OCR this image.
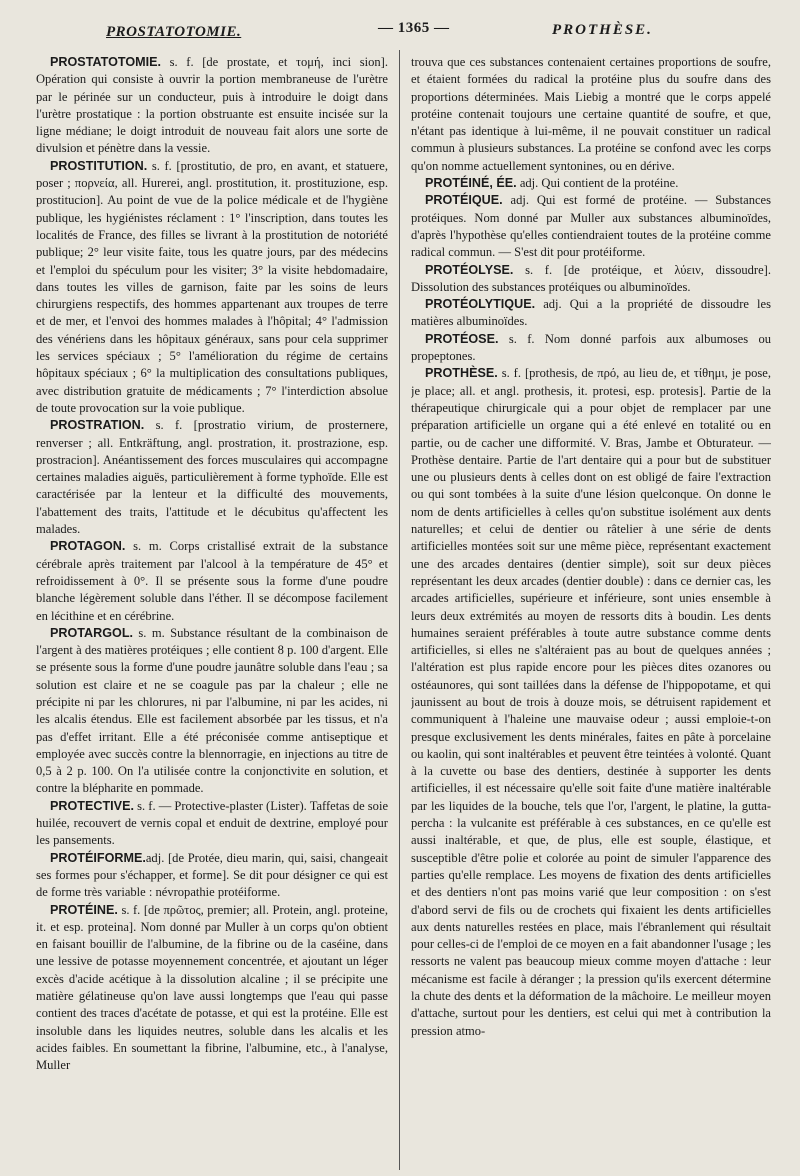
PROSTATOTOMIE.	— 1365 —	PROTHÈSE.

PROSTATOTOMIE. s. f. [de prostate, et τομή, inci sion]. Opération qui consiste à ouvrir la portion membraneuse de l'urètre par le périnée sur un conducteur, puis à introduire le doigt dans l'urètre prostatique : la portion obstruante est ensuite incisée sur la ligne médiane; le doigt introduit de nouveau fait alors une sorte de divulsion et pénètre dans la vessie.

PROSTITUTION. s. f. [prostitutio, de pro, en avant, et statuere, poser ; πορνεία, all. Hurerei, angl. prostitution, it. prostituzione, esp. prostitucion]. Au point de vue de la police médicale et de l'hygiène publique, les hygiénistes réclament : 1° l'inscription, dans toutes les localités de France, des filles se livrant à la prostitution de notoriété publique; 2° leur visite faite, tous les quatre jours, par des médecins et l'emploi du spéculum pour les visiter; 3° la visite hebdomadaire, dans toutes les villes de garnison, faite par les soins de leurs chirurgiens respectifs, des hommes appartenant aux troupes de terre et de mer, et l'envoi des hommes malades à l'hôpital; 4° l'admission des vénériens dans les hôpitaux généraux, sans pour cela supprimer les services spéciaux ; 5° l'amélioration du régime de certains hôpitaux spéciaux ; 6° la multiplication des consultations publiques, avec distribution gratuite de médicaments ; 7° l'interdiction absolue de toute provocation sur la voie publique.

PROSTRATION. s. f. [prostratio virium, de prosternere, renverser ; all. Entkräftung, angl. prostration, it. prostrazione, esp. prostracion]. Anéantissement des forces musculaires qui accompagne certaines maladies aiguës, particulièrement à forme typhoïde. Elle est caractérisée par la lenteur et la difficulté des mouvements, l'abattement des traits, l'attitude et le décubitus qu'affectent les malades.

PROTAGON. s. m. Corps cristallisé extrait de la substance cérébrale après traitement par l'alcool à la température de 45° et refroidissement à 0°. Il se présente sous la forme d'une poudre blanche légèrement soluble dans l'éther. Il se décompose facilement en lécithine et en cérébrine.

PROTARGOL. s. m. Substance résultant de la combinaison de l'argent à des matières protéiques ; elle contient 8 p. 100 d'argent. Elle se présente sous la forme d'une poudre jaunâtre soluble dans l'eau ; sa solution est claire et ne se coagule pas par la chaleur ; elle ne précipite ni par les chlorures, ni par l'albumine, ni par les acides, ni les alcalis étendus. Elle est facilement absorbée par les tissus, et n'a pas d'effet irritant. Elle a été préconisée comme antiseptique et employée avec succès contre la blennorragie, en injections au titre de 0,5 à 2 p. 100. On l'a utilisée contre la conjonctivite en solution, et contre la blépharite en pommade.

PROTECTIVE. s. f. — Protective-plaster (Lister). Taffetas de soie huilée, recouvert de vernis copal et enduit de dextrine, employé pour les pansements.

PROTÉIFORME.adj. [de Protée, dieu marin, qui, saisi, changeait ses formes pour s'échapper, et forme]. Se dit pour désigner ce qui est de forme très variable : névropathie protéiforme.

PROTÉINE. s. f. [de πρῶτος, premier; all. Protein, angl. proteine, it. et esp. proteina]. Nom donné par Muller à un corps qu'on obtient en faisant bouillir de l'albumine, de la fibrine ou de la caséine, dans une lessive de potasse moyennement concentrée, et ajoutant un léger excès d'acide acétique à la dissolution alcaline ; il se précipite une matière gélatineuse qu'on lave aussi longtemps que l'eau qui passe contient des traces d'acétate de potasse, et qui est la protéine. Elle est insoluble dans les liquides neutres, soluble dans les alcalis et les acides faibles. En soumettant la fibrine, l'albumine, etc., à l'analyse, Muller

trouva que ces substances contenaient certaines proportions de soufre, et étaient formées du radical la protéine plus du soufre dans des proportions déterminées. Mais Liebig a montré que le corps appelé protéine contenait toujours une certaine quantité de soufre, et que, n'étant pas identique à lui-même, il ne pouvait constituer un radical commun à plusieurs substances. La protéine se confond avec les corps qu'on nomme actuellement syntonines, ou en dérive.

PROTÉINÉ, ÉE. adj. Qui contient de la protéine.

PROTÉIQUE. adj. Qui est formé de protéine. — Substances protéiques. Nom donné par Muller aux substances albuminoïdes, d'après l'hypothèse qu'elles contiendraient toutes de la protéine comme radical commun. — S'est dit pour protéiforme.

PROTÉOLYSE. s. f. [de protéique, et λύειν, dissoudre]. Dissolution des substances protéiques ou albuminoïdes.

PROTÉOLYTIQUE. adj. Qui a la propriété de dissoudre les matières albuminoïdes.

PROTÉOSE. s. f. Nom donné parfois aux albumoses ou propeptones.

PROTHÈSE. s. f. [prothesis, de πρό, au lieu de, et τίθημι, je pose, je place; all. et angl. prothesis, it. protesi, esp. protesis]. Partie de la thérapeutique chirurgicale qui a pour objet de remplacer par une préparation artificielle un organe qui a été enlevé en totalité ou en partie, ou de cacher une difformité. V. Bras, Jambe et Obturateur. — Prothèse dentaire. Partie de l'art dentaire qui a pour but de substituer une ou plusieurs dents à celles dont on est obligé de faire l'extraction ou qui sont tombées à la suite d'une lésion quelconque. On donne le nom de dents artificielles à celles qu'on substitue isolément aux dents naturelles; et celui de dentier ou râtelier à une série de dents artificielles montées soit sur une même pièce, représentant exactement une des arcades dentaires (dentier simple), soit sur deux pièces représentant les deux arcades (dentier double) : dans ce dernier cas, les arcades artificielles, supérieure et inférieure, sont unies ensemble à leurs deux extrémités au moyen de ressorts dits à boudin. Les dents humaines seraient préférables à toute autre substance comme dents artificielles, si elles ne s'altéraient pas au bout de quelques années ; l'altération est plus rapide encore pour les pièces dites ozanores ou ostéaunores, qui sont taillées dans la défense de l'hippopotame, et qui jaunissent au bout de trois à douze mois, se détruisent rapidement et communiquent à l'haleine une mauvaise odeur ; aussi emploie-t-on presque exclusivement les dents minérales, faites en pâte à porcelaine ou kaolin, qui sont inaltérables et peuvent être teintées à volonté. Quant à la cuvette ou base des dentiers, destinée à supporter les dents artificielles, il est nécessaire qu'elle soit faite d'une matière inaltérable par les liquides de la bouche, tels que l'or, l'argent, le platine, la gutta-percha : la vulcanite est préférable à ces substances, en ce qu'elle est aussi inaltérable, et que, de plus, elle est souple, élastique, et susceptible d'être polie et colorée au point de simuler l'apparence des parties qu'elle remplace. Les moyens de fixation des dents artificielles et des dentiers n'ont pas moins varié que leur composition : on s'est d'abord servi de fils ou de crochets qui fixaient les dents artificielles aux dents naturelles restées en place, mais l'ébranlement qui résultait pour celles-ci de l'emploi de ce moyen en a fait abandonner l'usage ; les ressorts ne valent pas beaucoup mieux comme moyen d'attache : leur mécanisme est facile à déranger ; la pression qu'ils exercent détermine la chute des dents et la déformation de la mâchoire. Le meilleur moyen d'attache, surtout pour les dentiers, est celui qui met à contribution la pression atmo-
